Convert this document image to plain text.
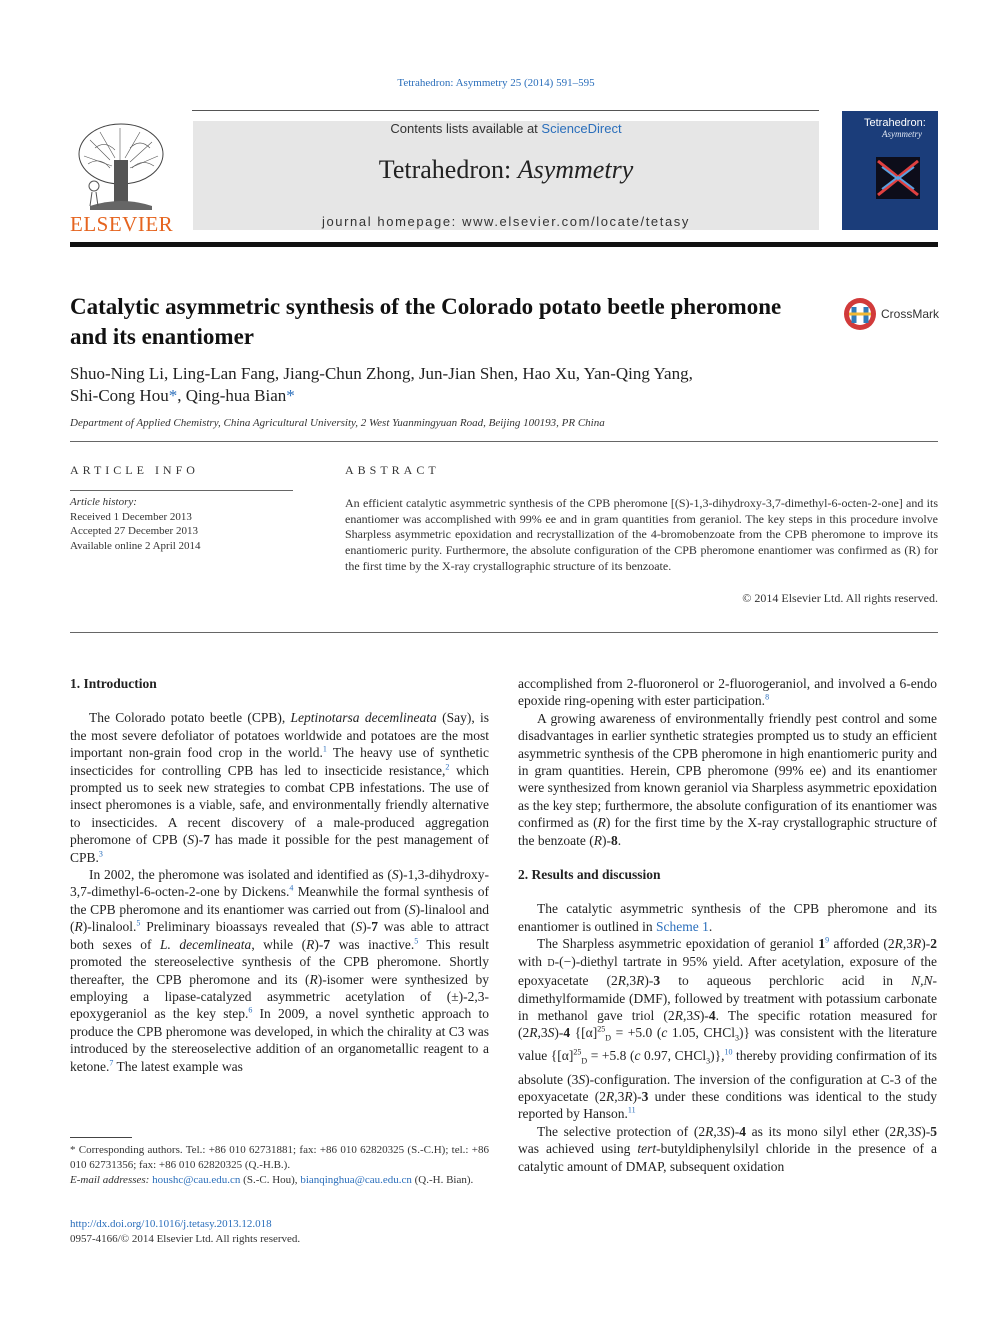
Tetrahedron: Asymmetry 25 (2014) 591–595
ELSEVIER
Contents lists available at ScienceDirect
Tetrahedron: Asymmetry
journal homepage: www.elsevier.com/locate/tetasy
Tetrahedron:
Asymmetry
Catalytic asymmetric synthesis of the Colorado potato beetle pheromone and its enantiomer
CrossMark
Shuo-Ning Li, Ling-Lan Fang, Jiang-Chun Zhong, Jun-Jian Shen, Hao Xu, Yan-Qing Yang,
Shi-Cong Hou*, Qing-hua Bian*
Department of Applied Chemistry, China Agricultural University, 2 West Yuanmingyuan Road, Beijing 100193, PR China
ARTICLE INFO
Article history:
Received 1 December 2013
Accepted 27 December 2013
Available online 2 April 2014
ABSTRACT
An efficient catalytic asymmetric synthesis of the CPB pheromone [(S)-1,3-dihydroxy-3,7-dimethyl-6-octen-2-one] and its enantiomer was accomplished with 99% ee and in gram quantities from geraniol. The key steps in this procedure involve Sharpless asymmetric epoxidation and recrystallization of the 4-bromobenzoate from the CPB pheromone to improve its enantiomeric purity. Furthermore, the absolute configuration of the CPB pheromone enantiomer was confirmed as (R) for the first time by the X-ray crystallographic structure of its benzoate.
© 2014 Elsevier Ltd. All rights reserved.
1. Introduction

The Colorado potato beetle (CPB), Leptinotarsa decemlineata (Say), is the most severe defoliator of potatoes worldwide and potatoes are the most important non-grain food crop in the world.$^1$ The heavy use of synthetic insecticides for controlling CPB has led to insecticide resistance,$^2$ which prompted us to seek new strategies to combat CPB infestations. The use of insect pheromones is a viable, safe, and environmentally friendly alternative to insecticides. A recent discovery of a male-produced aggregation pheromone of CPB (S)-7 has made it possible for the pest management of CPB.$^3$

In 2002, the pheromone was isolated and identified as (S)-1,3-dihydroxy-3,7-dimethyl-6-octen-2-one by Dickens.$^4$ Meanwhile the formal synthesis of the CPB pheromone and its enantiomer was carried out from (S)-linalool and (R)-linalool.$^5$ Preliminary bioassays revealed that (S)-7 was able to attract both sexes of L. decemlineata, while (R)-7 was inactive.$^5$ This result promoted the stereoselective synthesis of the CPB pheromone. Shortly thereafter, the CPB pheromone and its (R)-isomer were synthesized by employing a lipase-catalyzed asymmetric acetylation of (±)-2,3-epoxygeraniol as the key step.$^6$ In 2009, a novel synthetic approach to produce the CPB pheromone was developed, in which the chirality at C3 was introduced by the stereoselective addition of an organometallic reagent to a ketone.$^7$ The latest example was

accomplished from 2-fluoronerol or 2-fluorogeraniol, and involved a 6-endo epoxide ring-opening with ester participation.$^8$

A growing awareness of environmentally friendly pest control and some disadvantages in earlier synthetic strategies prompted us to study an efficient asymmetric synthesis of the CPB pheromone in high enantiomeric purity and in gram quantities. Herein, CPB pheromone (99% ee) and its enantiomer were synthesized from known geraniol via Sharpless asymmetric epoxidation as the key step; furthermore, the absolute configuration of its enantiomer was confirmed as (R) for the first time by the X-ray crystallographic structure of the benzoate (R)-8.

2. Results and discussion

The catalytic asymmetric synthesis of the CPB pheromone and its enantiomer is outlined in Scheme 1.

The Sharpless asymmetric epoxidation of geraniol $1^9$ afforded (2R,3R)-2 with D-(−)-diethyl tartrate in 95% yield. After acetylation, exposure of the epoxyacetate (2R,3R)-3 to aqueous perchloric acid in N,N-dimethylformamide (DMF), followed by treatment with potassium carbonate in methanol gave triol (2R,3S)-4. The specific rotation measured for (2R,3S)-4 {$[\alpha]^{25}_D = +5.0$ (c 1.05, CHCl$_3$)} was consistent with the literature value {$[\alpha]^{25}_D = +5.8$ (c 0.97, CHCl$_3$)},$^{10}$ thereby providing confirmation of its absolute (3S)-configuration. The inversion of the configuration at C-3 of the epoxyacetate (2R,3R)-3 under these conditions was identical to the study reported by Hanson.$^{11}$

The selective protection of (2R,3S)-4 as its mono silyl ether (2R,3S)-5 was achieved using tert-butyldiphenylsilyl chloride in the presence of a catalytic amount of DMAP, subsequent oxidation

* Corresponding authors. Tel.: +86 010 62731881; fax: +86 010 62820325 (S.-C.H); tel.: +86 010 62731356; fax: +86 010 62820325 (Q.-H.B.).

E-mail addresses: houshc@cau.edu.cn (S.-C. Hou), bianqinghua@cau.edu.cn (Q.-H. Bian).

http://dx.doi.org/10.1016/j.tetasy.2013.12.018
0957-4166/© 2014 Elsevier Ltd. All rights reserved.
